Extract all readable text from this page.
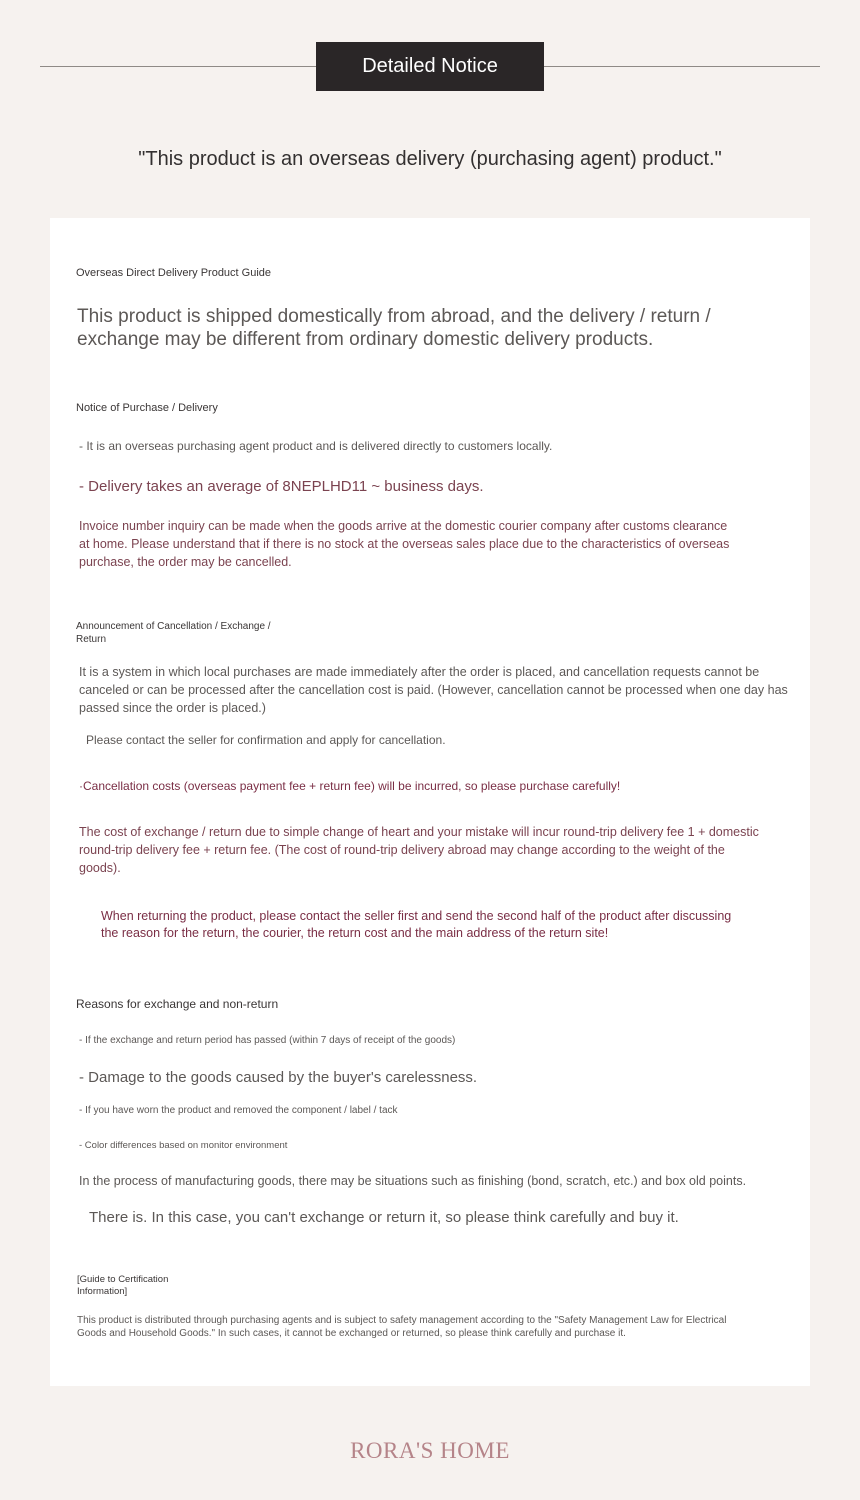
Detailed Notice
"This product is an overseas delivery (purchasing agent) product."
Overseas Direct Delivery Product Guide
This product is shipped domestically from abroad, and the delivery / return / exchange may be different from ordinary domestic delivery products.
Notice of Purchase / Delivery
- It is an overseas purchasing agent product and is delivered directly to customers locally.
- Delivery takes an average of 8NEPLHD11 ~ business days.
Invoice number inquiry can be made when the goods arrive at the domestic courier company after customs clearance at home. Please understand that if there is no stock at the overseas sales place due to the characteristics of overseas purchase, the order may be cancelled.
Announcement of Cancellation / Exchange / Return
It is a system in which local purchases are made immediately after the order is placed, and cancellation requests cannot be canceled or can be processed after the cancellation cost is paid. (However, cancellation cannot be processed when one day has passed since the order is placed.)
Please contact the seller for confirmation and apply for cancellation.
·Cancellation costs (overseas payment fee + return fee) will be incurred, so please purchase carefully!
The cost of exchange / return due to simple change of heart and your mistake will incur round-trip delivery fee 1 + domestic round-trip delivery fee + return fee. (The cost of round-trip delivery abroad may change according to the weight of the goods).
When returning the product, please contact the seller first and send the second half of the product after discussing the reason for the return, the courier, the return cost and the main address of the return site!
Reasons for exchange and non-return
- If the exchange and return period has passed (within 7 days of receipt of the goods)
- Damage to the goods caused by the buyer's carelessness.
- If you have worn the product and removed the component / label / tack
- Color differences based on monitor environment
In the process of manufacturing goods, there may be situations such as finishing (bond, scratch, etc.) and box old points.
There is. In this case, you can't exchange or return it, so please think carefully and buy it.
[Guide to Certification Information]
This product is distributed through purchasing agents and is subject to safety management according to the "Safety Management Law for Electrical Goods and Household Goods." In such cases, it cannot be exchanged or returned, so please think carefully and purchase it.
RORA'S HOME
